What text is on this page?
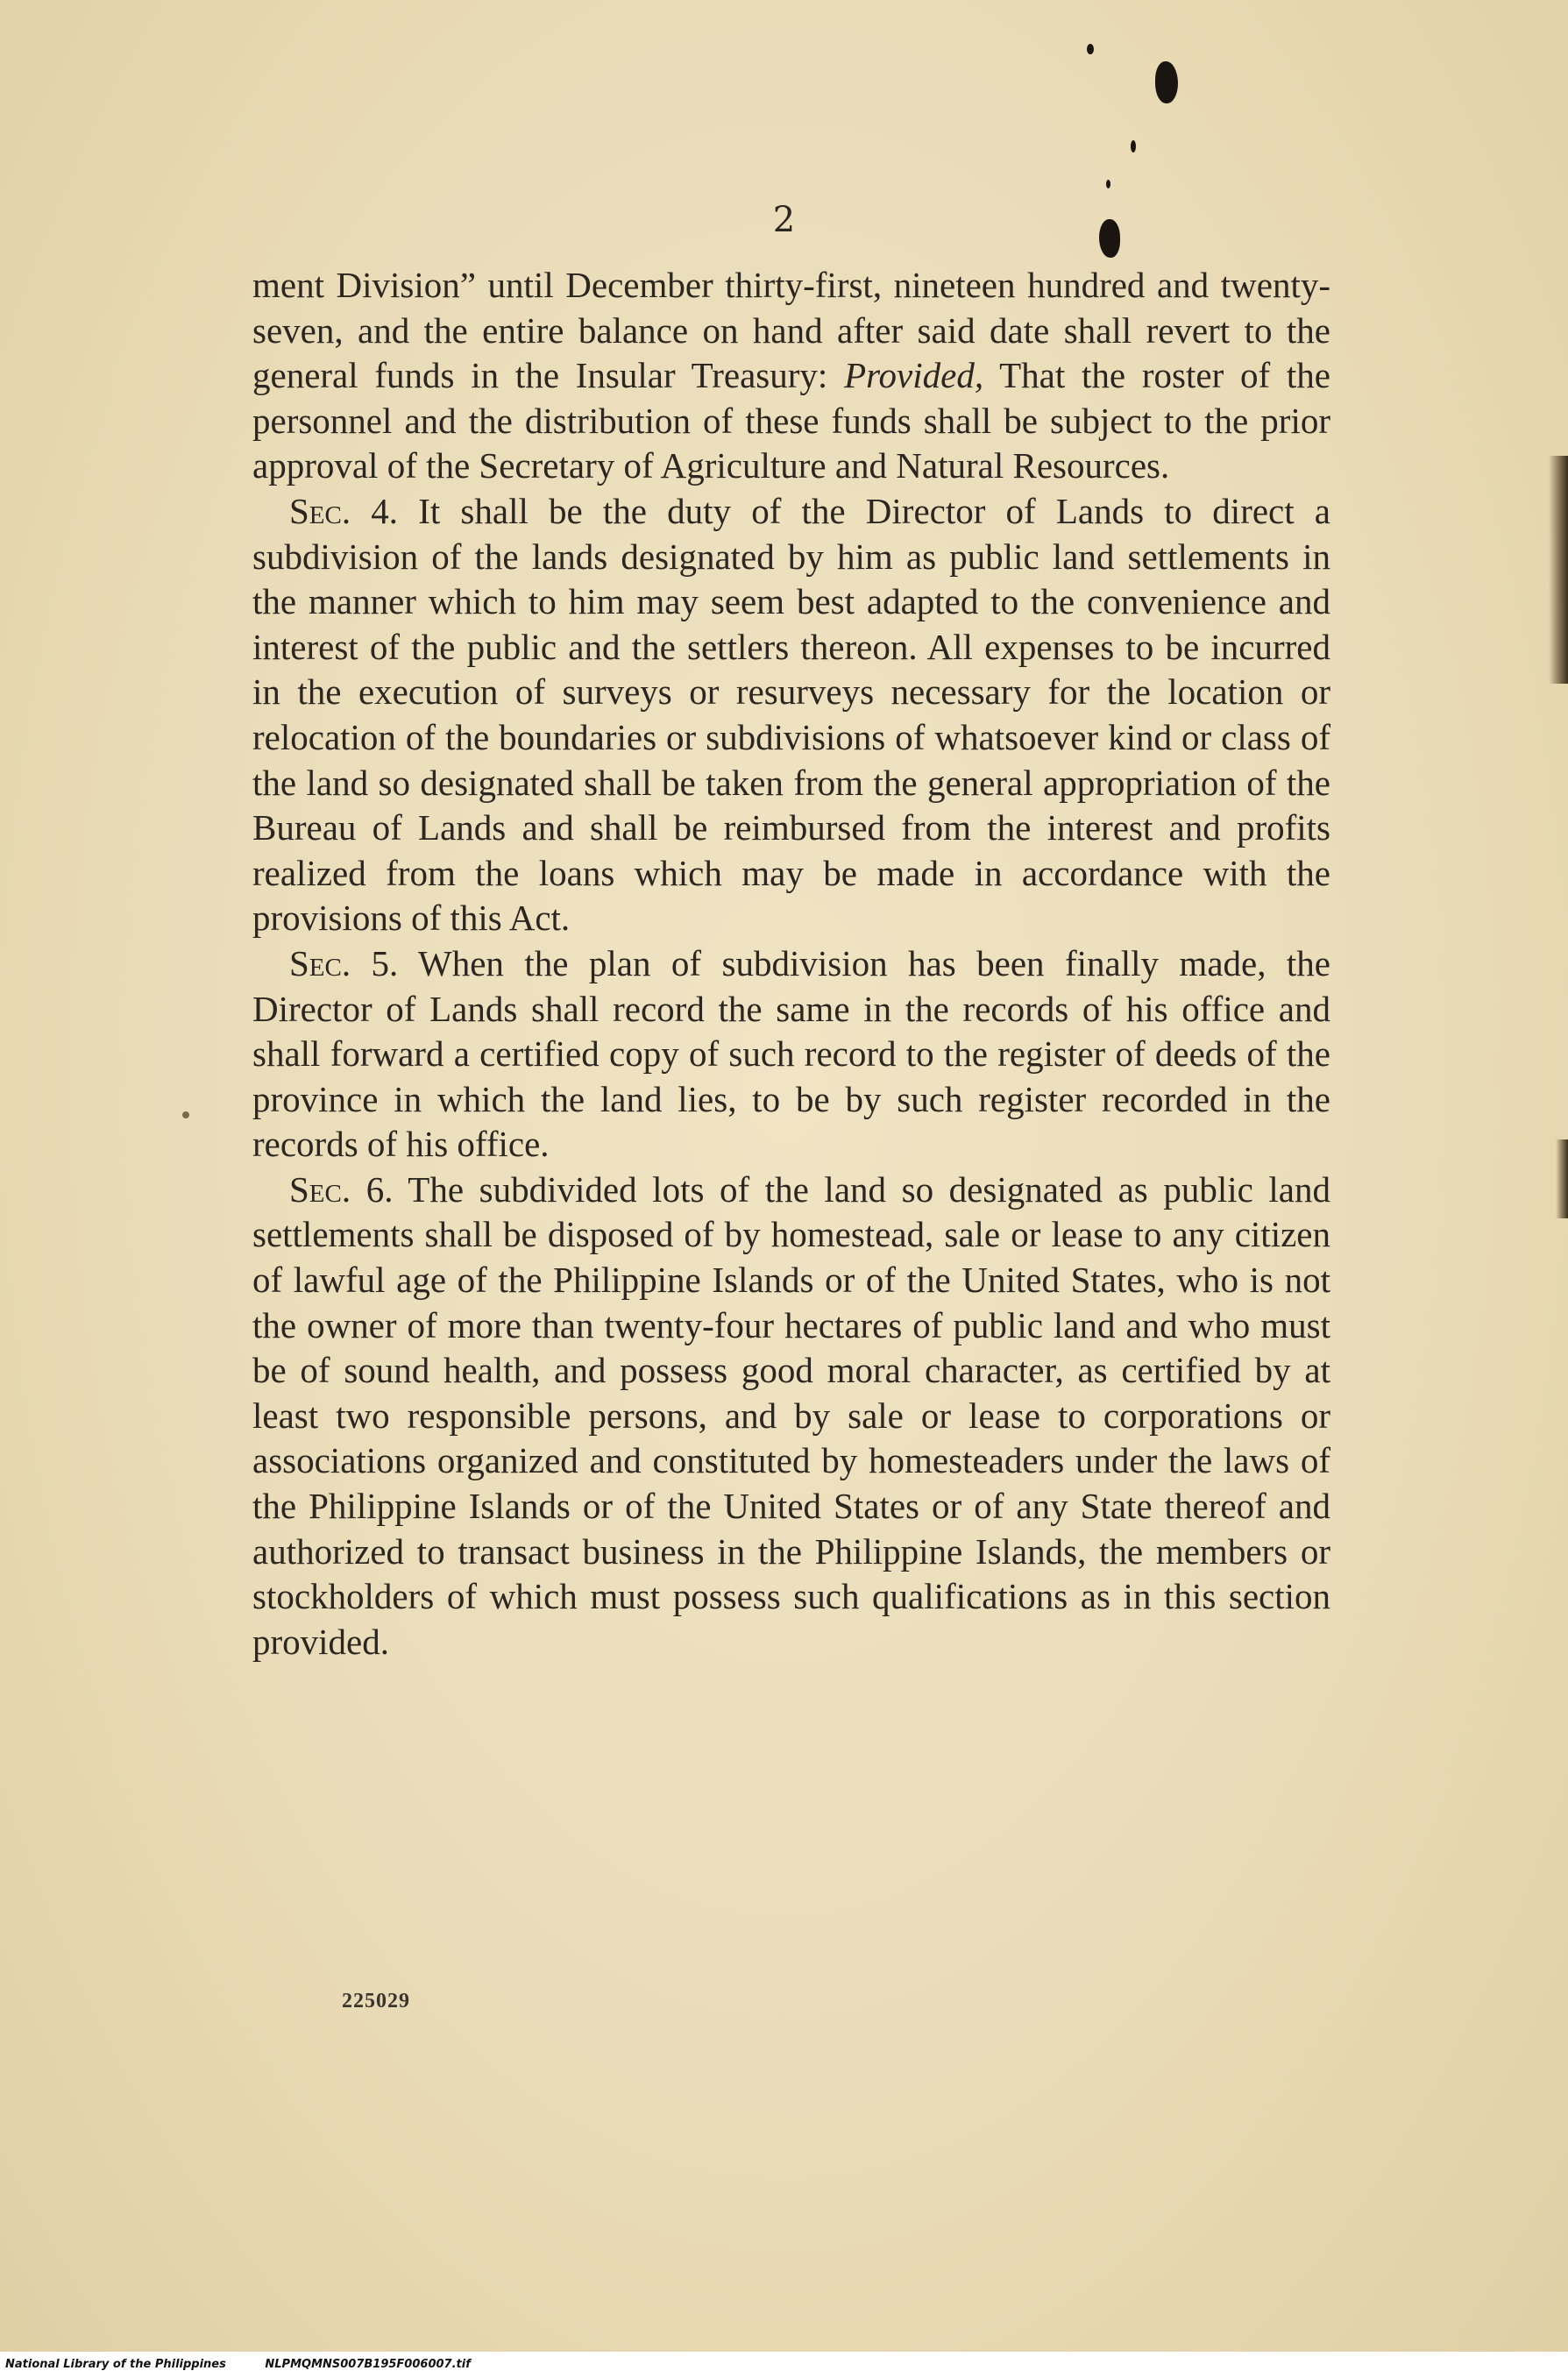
2

ment Division” until December thirty-first, nineteen hundred and twenty-seven, and the entire balance on hand after said date shall revert to the general funds in the Insular Treasury: Provided, That the roster of the personnel and the distribution of these funds shall be subject to the prior approval of the Secretary of Agriculture and Natural Resources.

Sec. 4. It shall be the duty of the Director of Lands to direct a subdivision of the lands designated by him as public land settlements in the manner which to him may seem best adapted to the convenience and interest of the public and the settlers thereon. All expenses to be incurred in the execution of surveys or resurveys necessary for the location or relocation of the boundaries or subdivisions of whatsoever kind or class of the land so designated shall be taken from the general appropriation of the Bureau of Lands and shall be reimbursed from the interest and profits realized from the loans which may be made in accordance with the provisions of this Act.

Sec. 5. When the plan of subdivision has been finally made, the Director of Lands shall record the same in the records of his office and shall forward a certified copy of such record to the register of deeds of the province in which the land lies, to be by such register recorded in the records of his office.

Sec. 6. The subdivided lots of the land so designated as public land settlements shall be disposed of by homestead, sale or lease to any citizen of lawful age of the Philippine Islands or of the United States, who is not the owner of more than twenty-four hectares of public land and who must be of sound health, and possess good moral character, as certified by at least two responsible persons, and by sale or lease to corporations or associations organized and constituted by homesteaders under the laws of the Philippine Islands or of the United States or of any State thereof and authorized to transact business in the Philippine Islands, the members or stockholders of which must possess such qualifications as in this section provided.

225029
National Library of the Philippines	NLPMQMNS007B195F006007.tif
